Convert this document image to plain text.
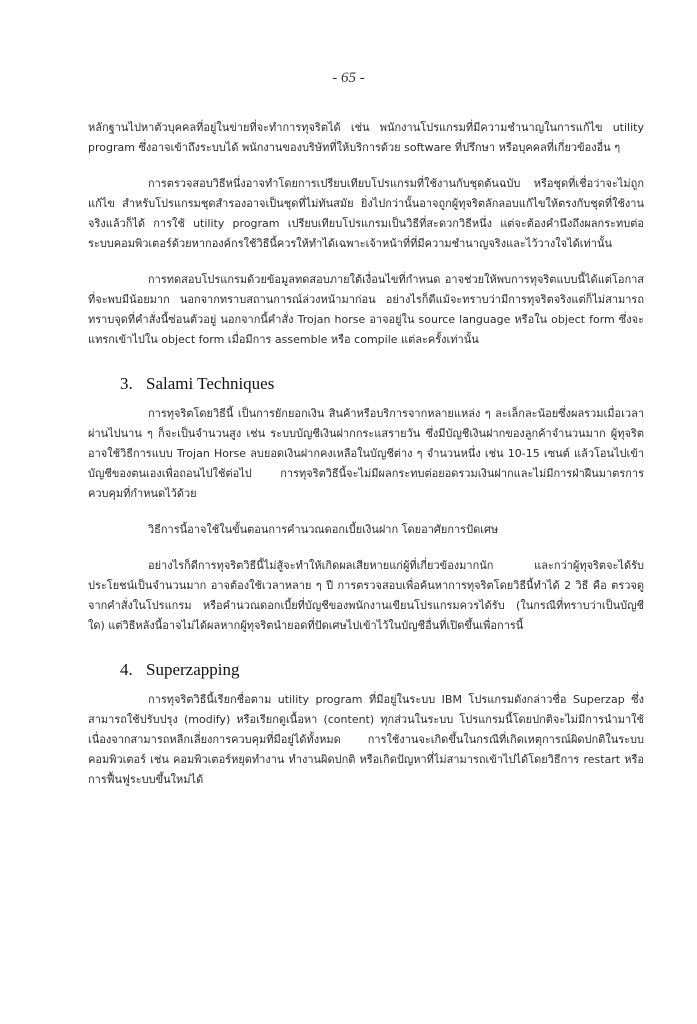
- 65 -

หลักฐานไปหาตัวบุคคลที่อยู่ในข่ายที่จะทำการทุจริตได้ เช่น พนักงานโปรแกรมที่มีความชำนาญในการแก้ไข utility program ซึ่งอาจเข้าถึงระบบได้ พนักงานของบริษัทที่ให้บริการด้วย software ที่ปรึกษา หรือบุคคลที่เกี่ยวข้องอื่น ๆ

การตรวจสอบวิธีหนึ่งอาจทำโดยการเปรียบเทียบโปรแกรมที่ใช้งานกับชุดต้นฉบับ หรือชุดที่เชื่อว่าจะไม่ถูกแก้ไข สำหรับโปรแกรมชุดสำรองอาจเป็นชุดที่ไม่ทันสมัย ยิ่งไปกว่านั้นอาจถูกผู้ทุจริตลักลอบแก้ไขให้ตรงกับชุดที่ใช้งานจริงแล้วก็ได้ การใช้ utility program เปรียบเทียบโปรแกรมเป็นวิธีที่สะดวกวิธีหนึ่ง แต่จะต้องคำนึงถึงผลกระทบต่อระบบคอมพิวเตอร์ด้วยหากองค์กรใช้วิธีนี้ควรให้ทำได้เฉพาะเจ้าหน้าที่ที่มีความชำนาญจริงและไว้วางใจได้เท่านั้น

การทดสอบโปรแกรมด้วยข้อมูลทดสอบภายใต้เงื่อนไขที่กำหนด อาจช่วยให้พบการทุจริตแบบนี้ได้แต่โอกาสที่จะพบมีน้อยมาก นอกจากทราบสถานการณ์ล่วงหน้ามาก่อน อย่างไรก็ดีแม้จะทราบว่ามีการทุจริตจริงแต่ก็ไม่สามารถทราบจุดที่คำสั่งนี้ซ่อนตัวอยู่ นอกจากนี้คำสั่ง Trojan horse อาจอยู่ใน source language หรือใน object form ซึ่งจะแทรกเข้าไปใน object form เมื่อมีการ assemble หรือ compile แต่ละครั้งเท่านั้น

3. Salami Techniques

การทุจริตโดยวิธีนี้ เป็นการยักยอกเงิน สินค้าหรือบริการจากหลายแหล่ง ๆ ละเล็กละน้อยซึ่งผลรวมเมื่อเวลาผ่านไปนาน ๆ ก็จะเป็นจำนวนสูง เช่น ระบบบัญชีเงินฝากกระแสรายวัน ซึ่งมีบัญชีเงินฝากของลูกค้าจำนวนมาก ผู้ทุจริตอาจใช้วิธีการแบบ Trojan Horse ลบยอดเงินฝากคงเหลือในบัญชีต่าง ๆ จำนวนหนึ่ง เช่น 10-15 เซนต์ แล้วโอนไปเข้าบัญชีของตนเองเพื่อถอนไปใช้ต่อไป การทุจริตวิธีนี้จะไม่มีผลกระทบต่อยอดรวมเงินฝากและไม่มีการฝ่าฝืนมาตรการควบคุมที่กำหนดไว้ด้วย

วิธีการนี้อาจใช้ในขั้นตอนการคำนวณดอกเบี้ยเงินฝาก โดยอาศัยการปัดเศษ

อย่างไรก็ดีการทุจริตวิธีนี้ไม่สู้จะทำให้เกิดผลเสียหายแก่ผู้ที่เกี่ยวข้องมากนัก และกว่าผู้ทุจริตจะได้รับประโยชน์เป็นจำนวนมาก อาจต้องใช้เวลาหลาย ๆ ปี การตรวจสอบเพื่อค้นหาการทุจริตโดยวิธีนี้ทำได้ 2 วิธี คือ ตรวจดูจากคำสั่งในโปรแกรม หรือคำนวณดอกเบี้ยที่บัญชีของพนักงานเขียนโปรแกรมควรได้รับ (ในกรณีที่ทราบว่าเป็นบัญชีใด) แต่วิธีหลังนี้อาจไม่ได้ผลหากผู้ทุจริตนำยอดที่ปัดเศษไปเข้าไว้ในบัญชีอื่นที่เปิดขึ้นเพื่อการนี้

4. Superzapping

การทุจริตวิธีนี้เรียกชื่อตาม utility program ที่มีอยู่ในระบบ IBM โปรแกรมดังกล่าวชื่อ Superzap ซึ่งสามารถใช้ปรับปรุง (modify) หรือเรียกดูเนื้อหา (content) ทุกส่วนในระบบ โปรแกรมนี้โดยปกติจะไม่มีการนำมาใช้ เนื่องจากสามารถหลีกเลี่ยงการควบคุมที่มีอยู่ได้ทั้งหมด การใช้งานจะเกิดขึ้นในกรณีที่เกิดเหตุการณ์ผิดปกติในระบบคอมพิวเตอร์ เช่น คอมพิวเตอร์หยุดทำงาน ทำงานผิดปกติ หรือเกิดปัญหาที่ไม่สามารถเข้าไปได้โดยวิธีการ restart หรือการฟื้นฟูระบบขึ้นใหม่ได้
